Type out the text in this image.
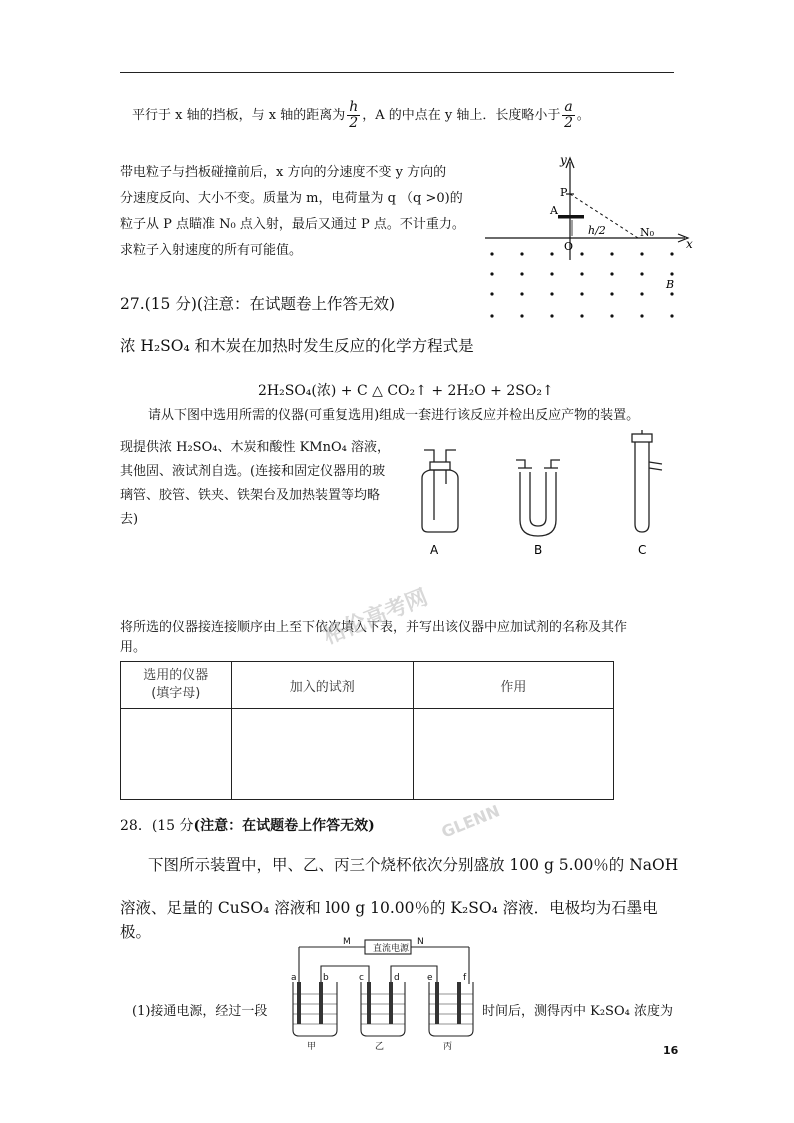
平行于 x 轴的挡板，与 x 轴的距离为 $\frac{h}{2}$ ，A 的中点在 y 轴上．长度略小于 $\frac{a}{2}$ 。
带电粒子与挡板碰撞前后，x 方向的分速度不变 y 方向的
分速度反向、大小不变。质量为 m，电荷量为 q （q >0)的
粒子从 P 点瞄准 N₀ 点入射，最后又通过 P 点。不计重力。
求粒子入射速度的所有可能值。
y
x
P
A
h/2
O
N₀
B
27.(15 分)(注意：在试题卷上作答无效)
浓 H₂SO₄ 和木炭在加热时发生反应的化学方程式是
2H₂SO₄(浓) + C △ CO₂↑ + 2H₂O + 2SO₂↑
请从下图中选用所需的仪器(可重复选用)组成一套进行该反应并检出反应产物的装置。
现提供浓 H₂SO₄、木炭和酸性 KMnO₄ 溶液，
其他固、液试剂自选。(连接和固定仪器用的玻
璃管、胶管、铁夹、铁架台及加热装置等均略
去)
A	B	C
将所选的仪器接连接顺序由上至下依次填入下表，并写出该仪器中应加试剂的名称及其作
用。
选用的仪器
(填字母)	加入的试剂	作用

28．(15 分(注意：在试题卷上作答无效)
下图所示装置中，甲、乙、丙三个烧杯依次分别盛放 100 g 5.00％的 NaOH
溶液、足量的 CuSO₄ 溶液和 l00 g 10.00％的 K₂SO₄ 溶液．电极均为石墨电极。
直流电源
M	N
a	b	c	d	e	f
甲	乙	丙
(1)接通电源，经过一段	时间后，测得丙中 K₂SO₄ 浓度为
16
格伦高考网
GLENN
